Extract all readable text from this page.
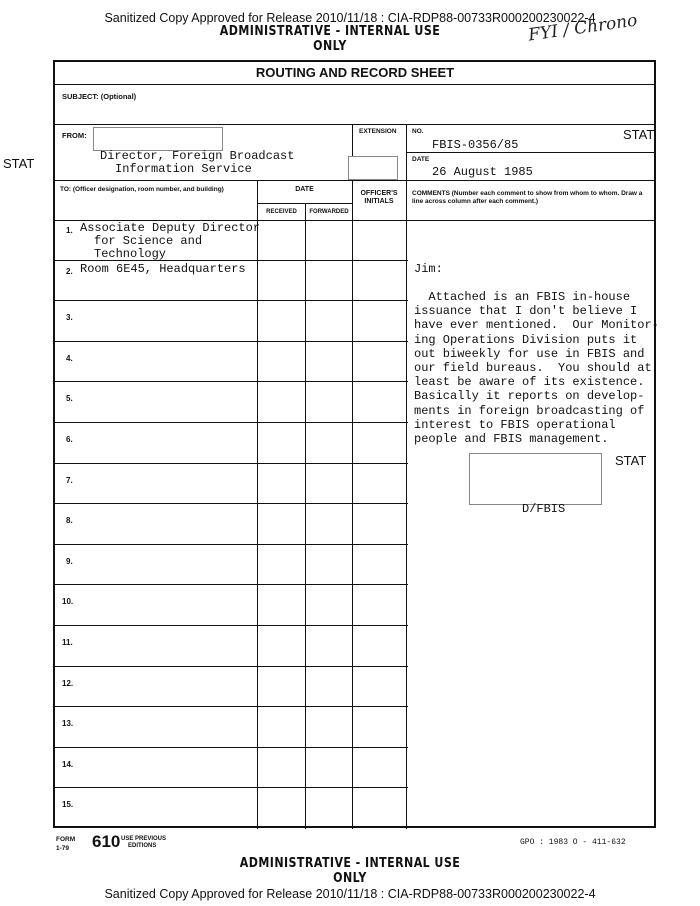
Sanitized Copy Approved for Release 2010/11/18 : CIA-RDP88-00733R000200230022-4
ADMINISTRATIVE - INTERNAL USE ONLY
FYI / Chrono
STAT
STAT
STAT
ROUTING AND RECORD SHEET
SUBJECT: (Optional)
FROM:
Director, Foreign Broadcast
Information Service
EXTENSION NO.
FBIS-0356/85
DATE
26 August 1985
TO: (Officer designation, room number, and building)	DATE
RECEIVED	FORWARDED
OFFICER'S INITIALS
COMMENTS (Number each comment to show from whom to whom. Draw a line across column after each comment.)
1. Associate Deputy Director
for Science and
Technology
2. Room 6E45, Headquarters
3.
4.
5.
6.
7.
8.
9.
10.
11.
12.
13.
14.
15.
Jim:

Attached is an FBIS in-house

issuance that I don't believe I

have ever mentioned.  Our Monitor-

ing Operations Division puts it

out biweekly for use in FBIS and

our field bureaus.  You should at

least be aware of its existence.

Basically it reports on develop-

ments in foreign broadcasting of

interest to FBIS operational

people and FBIS management.

D/FBIS
FORM
1-79 610 USE PREVIOUS
EDITIONS	GPO : 1983 O - 411-632
ADMINISTRATIVE - INTERNAL USE ONLY
Sanitized Copy Approved for Release 2010/11/18 : CIA-RDP88-00733R000200230022-4
